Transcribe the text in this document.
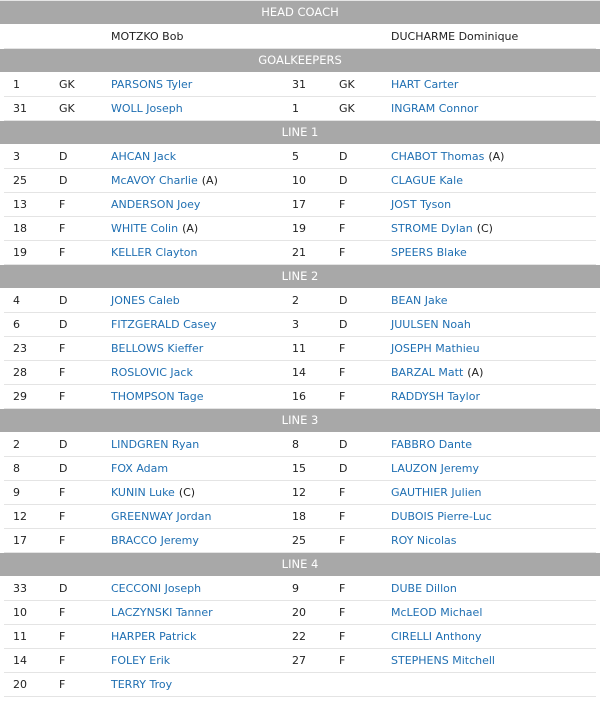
HEAD COACH
MOTZKO Bob	DUCHARME Dominique
GOALKEEPERS
1	GK	PARSONS Tyler	31	GK	HART Carter
31	GK	WOLL Joseph	1	GK	INGRAM Connor
LINE 1
3	D	AHCAN Jack	5	D	CHABOT Thomas (A)
25	D	McAVOY Charlie (A)	10	D	CLAGUE Kale
13	F	ANDERSON Joey	17	F	JOST Tyson
18	F	WHITE Colin (A)	19	F	STROME Dylan (C)
19	F	KELLER Clayton	21	F	SPEERS Blake
LINE 2
4	D	JONES Caleb	2	D	BEAN Jake
6	D	FITZGERALD Casey	3	D	JUULSEN Noah
23	F	BELLOWS Kieffer	11	F	JOSEPH Mathieu
28	F	ROSLOVIC Jack	14	F	BARZAL Matt (A)
29	F	THOMPSON Tage	16	F	RADDYSH Taylor
LINE 3
2	D	LINDGREN Ryan	8	D	FABBRO Dante
8	D	FOX Adam	15	D	LAUZON Jeremy
9	F	KUNIN Luke (C)	12	F	GAUTHIER Julien
12	F	GREENWAY Jordan	18	F	DUBOIS Pierre-Luc
17	F	BRACCO Jeremy	25	F	ROY Nicolas
LINE 4
33	D	CECCONI Joseph	9	F	DUBE Dillon
10	F	LACZYNSKI Tanner	20	F	McLEOD Michael
11	F	HARPER Patrick	22	F	CIRELLI Anthony
14	F	FOLEY Erik	27	F	STEPHENS Mitchell
20	F	TERRY Troy
